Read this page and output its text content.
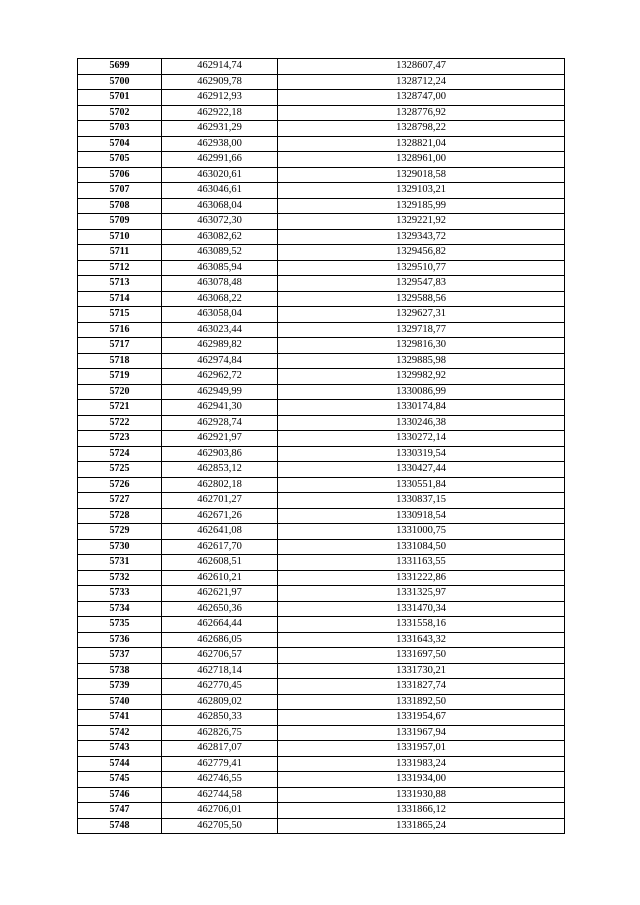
5699	462914,74	1328607,47
5700	462909,78	1328712,24
5701	462912,93	1328747,00
5702	462922,18	1328776,92
5703	462931,29	1328798,22
5704	462938,00	1328821,04
5705	462991,66	1328961,00
5706	463020,61	1329018,58
5707	463046,61	1329103,21
5708	463068,04	1329185,99
5709	463072,30	1329221,92
5710	463082,62	1329343,72
5711	463089,52	1329456,82
5712	463085,94	1329510,77
5713	463078,48	1329547,83
5714	463068,22	1329588,56
5715	463058,04	1329627,31
5716	463023,44	1329718,77
5717	462989,82	1329816,30
5718	462974,84	1329885,98
5719	462962,72	1329982,92
5720	462949,99	1330086,99
5721	462941,30	1330174,84
5722	462928,74	1330246,38
5723	462921,97	1330272,14
5724	462903,86	1330319,54
5725	462853,12	1330427,44
5726	462802,18	1330551,84
5727	462701,27	1330837,15
5728	462671,26	1330918,54
5729	462641,08	1331000,75
5730	462617,70	1331084,50
5731	462608,51	1331163,55
5732	462610,21	1331222,86
5733	462621,97	1331325,97
5734	462650,36	1331470,34
5735	462664,44	1331558,16
5736	462686,05	1331643,32
5737	462706,57	1331697,50
5738	462718,14	1331730,21
5739	462770,45	1331827,74
5740	462809,02	1331892,50
5741	462850,33	1331954,67
5742	462826,75	1331967,94
5743	462817,07	1331957,01
5744	462779,41	1331983,24
5745	462746,55	1331934,00
5746	462744,58	1331930,88
5747	462706,01	1331866,12
5748	462705,50	1331865,24
